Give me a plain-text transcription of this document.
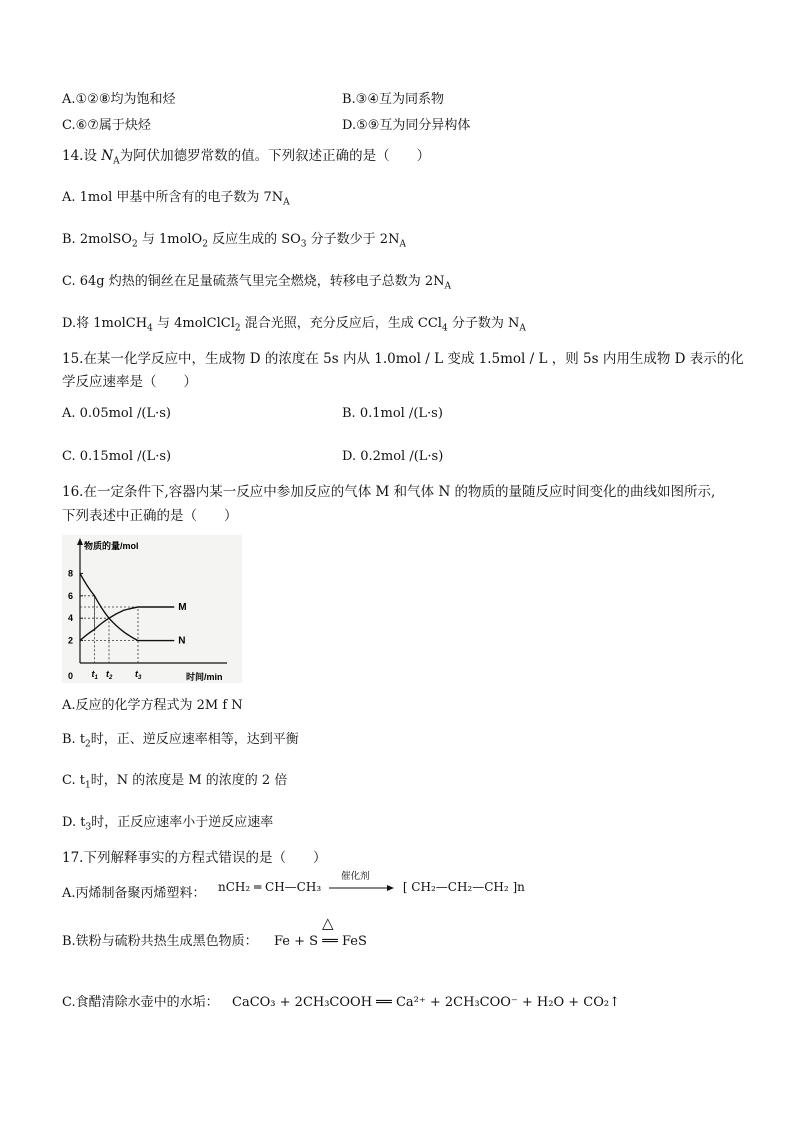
A.①②⑧均为饱和烃	B.③④互为同系物
C.⑥⑦属于炔烃	D.⑤⑨互为同分异构体
14.设 $N_A$为阿伏加德罗常数的值。下列叙述正确的是（　　）
A. 1mol 甲基中所含有的电子数为 $7N_A$
B. 2molSO$_2$ 与 1molO$_2$ 反应生成的 $SO_3$ 分子数少于 $2N_A$
C. 64g 灼热的铜丝在足量硫蒸气里完全燃烧，转移电子总数为 $2N_A$
D.将 1molCH$_4$ 与 4molClCl$_2$ 混合光照，充分反应后，生成 CCl$_4$ 分子数为 $N_A$
15.在某一化学反应中，生成物 D 的浓度在 5s 内从 1.0mol / L 变成 1.5mol / L ，则 5s 内用生成物 D 表示的化
学反应速率是（　　）
A. 0.05mol /(L·s)	B. 0.1mol /(L·s)
C. 0.15mol /(L·s)	D. 0.2mol /(L·s)
16.在一定条件下,容器内某一反应中参加反应的气体 M 和气体 N 的物质的量随反应时间变化的曲线如图所示,
下列表述中正确的是（　　）
物质的量/mol
时间/min
0
2
4
6
8
$t_1$ $t_2$	$t_3$
M
N
A.反应的化学方程式为 2M f N
B. $t_2$时，正、逆反应速率相等，达到平衡
C. $t_1$时，N 的浓度是 M 的浓度的 2 倍
D. $t_3$时，正反应速率小于逆反应速率
17.下列解释事实的方程式错误的是（　　）
A.丙烯制备聚丙烯塑料： nCH₂ ═ CH—CH₃
催化剂
[ CH₂—CH₂—CH₂ ]n
B.铁粉与硫粉共热生成黑色物质：
△
Fe + S ══ FeS
C.食醋清除水壶中的水垢： CaCO₃ + 2CH₃COOH ══ Ca²⁺ + 2CH₃COO⁻ + H₂O + CO₂↑
